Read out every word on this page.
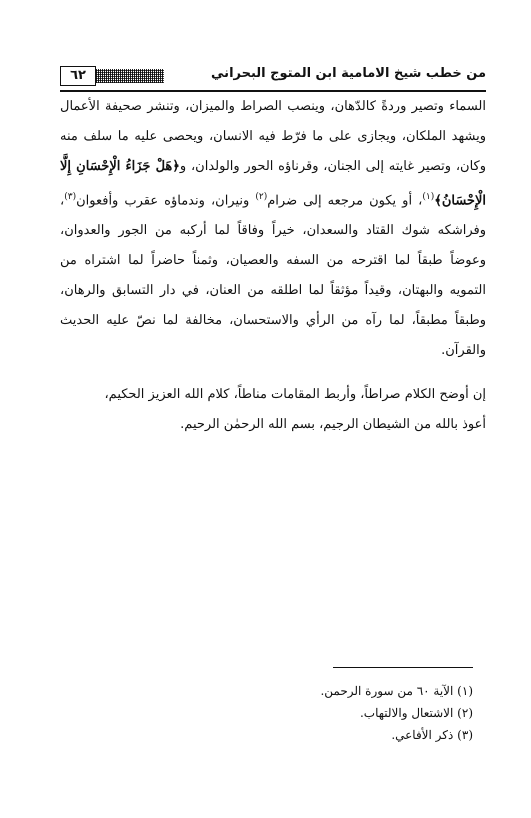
من خطب شيخ الامامية ابن المتوج البحراني
٦٢

السماء وتصير وردةً كالدّهان، وينصب الصراط والميزان، وتنشر صحيفة الأعمال ويشهد الملكان، ويجازى على ما فرّط فيه الانسان، ويحصى عليه ما سلف منه وكان، وتصير غايته إلى الجنان، وقرناؤه الحور والولدان، و﴿هَلْ جَزَاءُ الْإِحْسَانِ إِلَّا الْإِحْسَانُ﴾$^{(١)}$، أو يكون مرجعه إلى ضرام$^{(٢)}$ ونيران، وندماؤه عقرب وأفعوان$^{(٣)}$، وفراشكه شوك القتاد والسعدان، خيراً وفاقاً لما أركبه من الجور والعدوان، وعوضاً طبقاً لما اقترحه من السفه والعصيان، وثمناً حاضراً لما اشتراه من التمويه والبهتان، وقيداً مؤثقاً لما اطلقه من العنان، في دار التسابق والرهان، وطبقاً مطبقاً، لما رآه من الرأي والاستحسان، مخالفة لما نصّ عليه الحديث والقرآن.

إن أوضح الكلام صراطاً، وأربط المقامات مناطاً، كلام الله العزيز الحكيم،

أعوذ بالله من الشيطان الرجيم، بسم الله الرحمٰن الرحيم.

(١) الآية ٦٠ من سورة الرحمن.
(٢) الاشتعال والالتهاب.
(٣) ذكر الأفاعي.
